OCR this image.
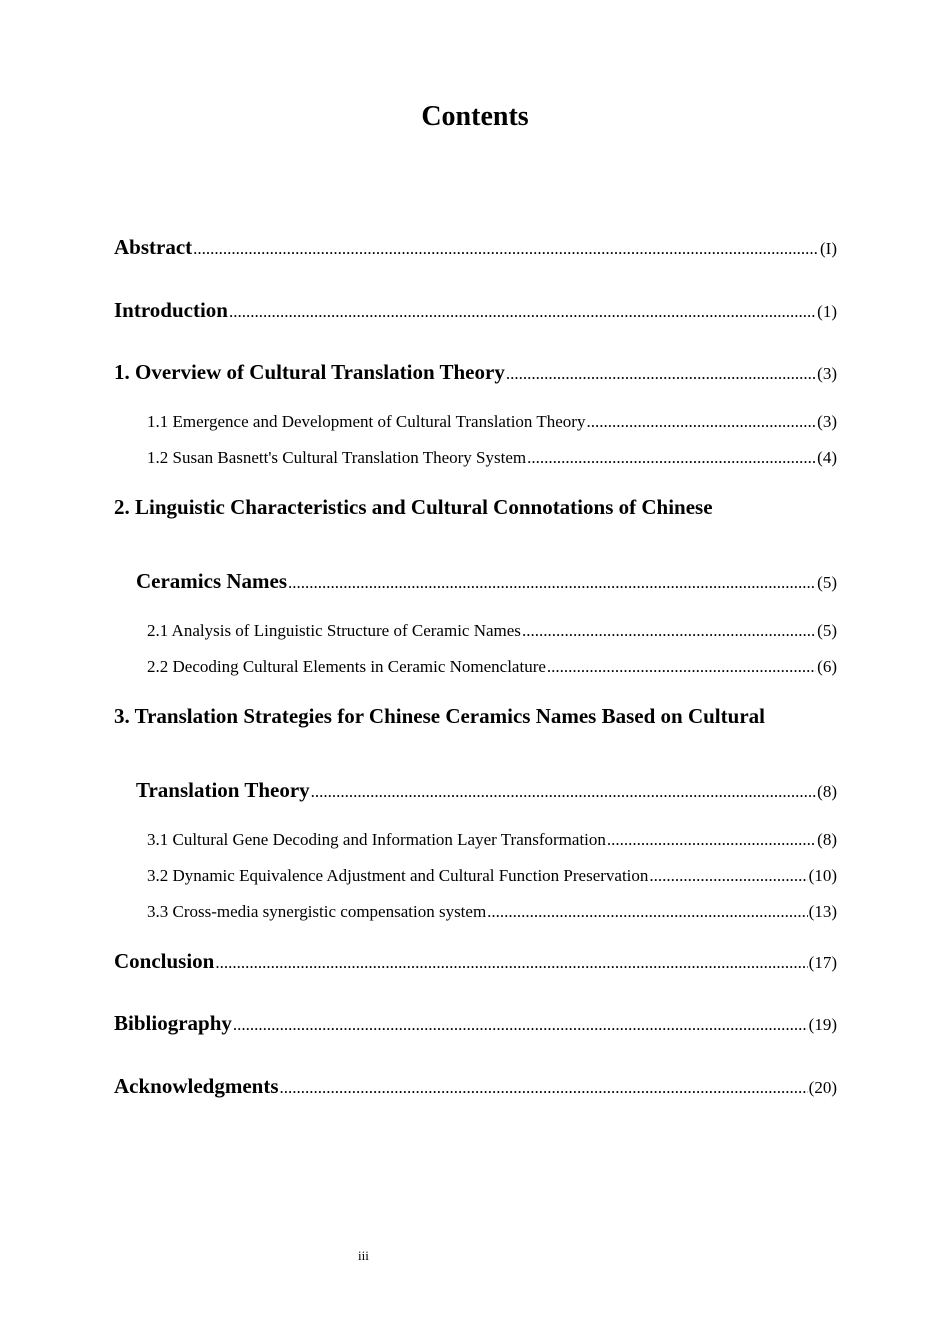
Contents
Abstract .....	(I)
Introduction .....	(1)
1. Overview of Cultural Translation Theory .....	(3)
1.1 Emergence and Development of Cultural Translation Theory .....	(3)
1.2 Susan Basnett's Cultural Translation Theory System .....	(4)
2. Linguistic Characteristics and Cultural Connotations of Chinese
Ceramics Names .....	(5)
2.1 Analysis of Linguistic Structure of Ceramic Names .....	(5)
2.2 Decoding Cultural Elements in Ceramic Nomenclature .....	(6)
3. Translation Strategies for Chinese Ceramics Names Based on Cultural
Translation Theory .....	(8)
3.1 Cultural Gene Decoding and Information Layer Transformation .....	(8)
3.2 Dynamic Equivalence Adjustment and Cultural Function Preservation .....	(10)
3.3 Cross-media synergistic compensation system .....	(13)
Conclusion .....	(17)
Bibliography .....	(19)
Acknowledgments .....	(20)
iii
